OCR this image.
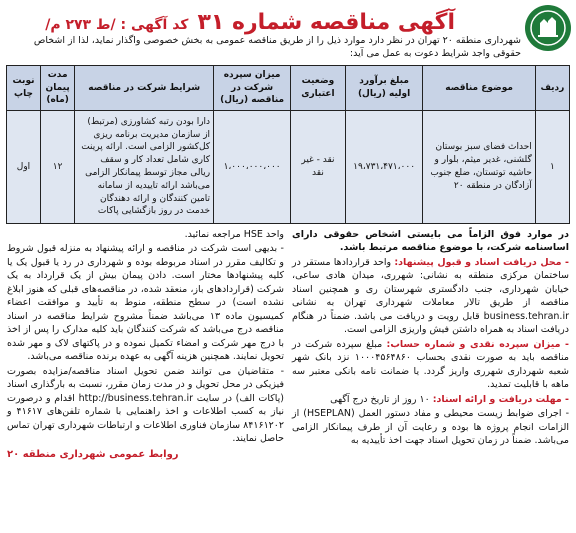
آگهی مناقصه شماره ۳۱ کد آگهی : /ط ۲۷۳ م/
شهرداری منطقه ۲۰ تهران در نظر دارد موارد ذیل را از طریق مناقصه عمومی به بخش خصوصی واگذار نماید، لذا از اشخاص حقوقی واجد شرایط دعوت به عمل می آید:
ردیف	موضوع مناقصه	مبلغ برآورد اولیه (ریال)	وضعیت اعتباری	میزان سپرده شرکت در مناقصه (ریال)	شرایط شرکت در مناقصه	مدت پیمان (ماه)	نوبت چاپ
۱	احداث فضای سبز بوستان گلشنی، غدیر میثم، بلوار و حاشیه توتستان، ضلع جنوب آزادگان در منطقه ۲۰	۱۹،۷۳۱،۴۷۱،۰۰۰	نقد - غیر نقد	۱،۰۰۰،۰۰۰،۰۰۰	دارا بودن رتبه کشاورزی (مرتبط) از سازمان مدیریت برنامه ریزی کل‌کشور الزامی است. ارائه پرینت کاری شامل تعداد کار و سقف ریالی مجاز توسط پیمانکار الزامی می‌باشد ارائه تاییدیه از سامانه تامین کنندگان و ارائه دهندگان خدمت در روز بازگشایی پاکات	۱۲	اول

در موارد فوق الزاماً می بایستی اشخاص حقوقی دارای اساسنامه شرکت، با موضوع مناقصه مرتبط باشد.

- محل دریافت اسناد و قبول پیشنهاد: واحد قراردادها مستقر در ساختمان مرکزی منطقه به نشانی: شهرری، میدان هادی ساعی، خیابان شهرداری، جنب دادگستری شهرستان ری و همچنین اسناد مناقصه از طریق تالار معاملات شهرداری تهران به نشانی business.tehran.ir قابل رویت و دریافت می باشد. ضمناً در هنگام دریافت اسناد به همراه داشتن فیش واریزی الزامی است.

- میزان سپرده نقدی و شماره حساب: مبلغ سپرده شرکت در مناقصه باید به صورت نقدی بحساب ۱۰۰۰۴۵۶۴۸۶۰ نزد بانک شهر شعبه شهرداری شهرری واریز گردد. یا ضمانت نامه بانکی معتبر سه ماهه با قابلیت تمدید.

- مهلت دریافت و ارائه اسناد: ۱۰ روز از تاریخ درج آگهی

- اجرای ضوابط زیست محیطی و مفاد دستور العمل (HSEPLAN) از الزامات انجام پروژه ها بوده و رعایت آن از طرف پیمانکار الزامی می‌باشد. ضمناً در زمان تحویل اسناد جهت اخذ تأییدیه به

واحد HSE مراجعه نمائید.

- بدیهی است شرکت در مناقصه و ارائه پیشنهاد به منزله قبول شروط و تکالیف مقرر در اسناد مربوطه بوده و شهرداری در رد یا قبول یک یا کلیه پیشنهادها مختار است. دادن پیمان بیش از یک قرارداد به یک شرکت (قراردادهای باز، منعقد شده، در مناقصه‌های قبلی که هنوز ابلاغ نشده است) در سطح منطقه، منوط به تأیید و موافقت اعضاء کمیسیون ماده ۱۳ می‌باشد ضمناً مشروح شرایط مناقصه در اسناد مناقصه درج می‌باشد که شرکت کنندگان باید کلیه مدارک را پس از اخذ با درج مهر شرکت و امضاء تکمیل نموده و در پاکتهای لاک و مهر شده تحویل نمایند. همچنین هزینه آگهی به عهده برنده مناقصه می‌باشد.

- متقاضیان می توانند ضمن تحویل اسناد مناقصه/مزایده بصورت فیزیکی در محل تحویل و در مدت زمان مقرر، نسبت به بارگذاری اسناد (پاکات الف) در سایت http://business.tehran.ir اقدام و درصورت نیاز به کسب اطلاعات و اخذ راهنمایی با شماره تلفن‌های ۴۱۶۱۷ و ۸۴۱۶۱۲۰۲ سازمان فناوری اطلاعات و ارتباطات شهرداری تهران تماس حاصل نمایند.

روابط عمومی شهرداری منطقه ۲۰
